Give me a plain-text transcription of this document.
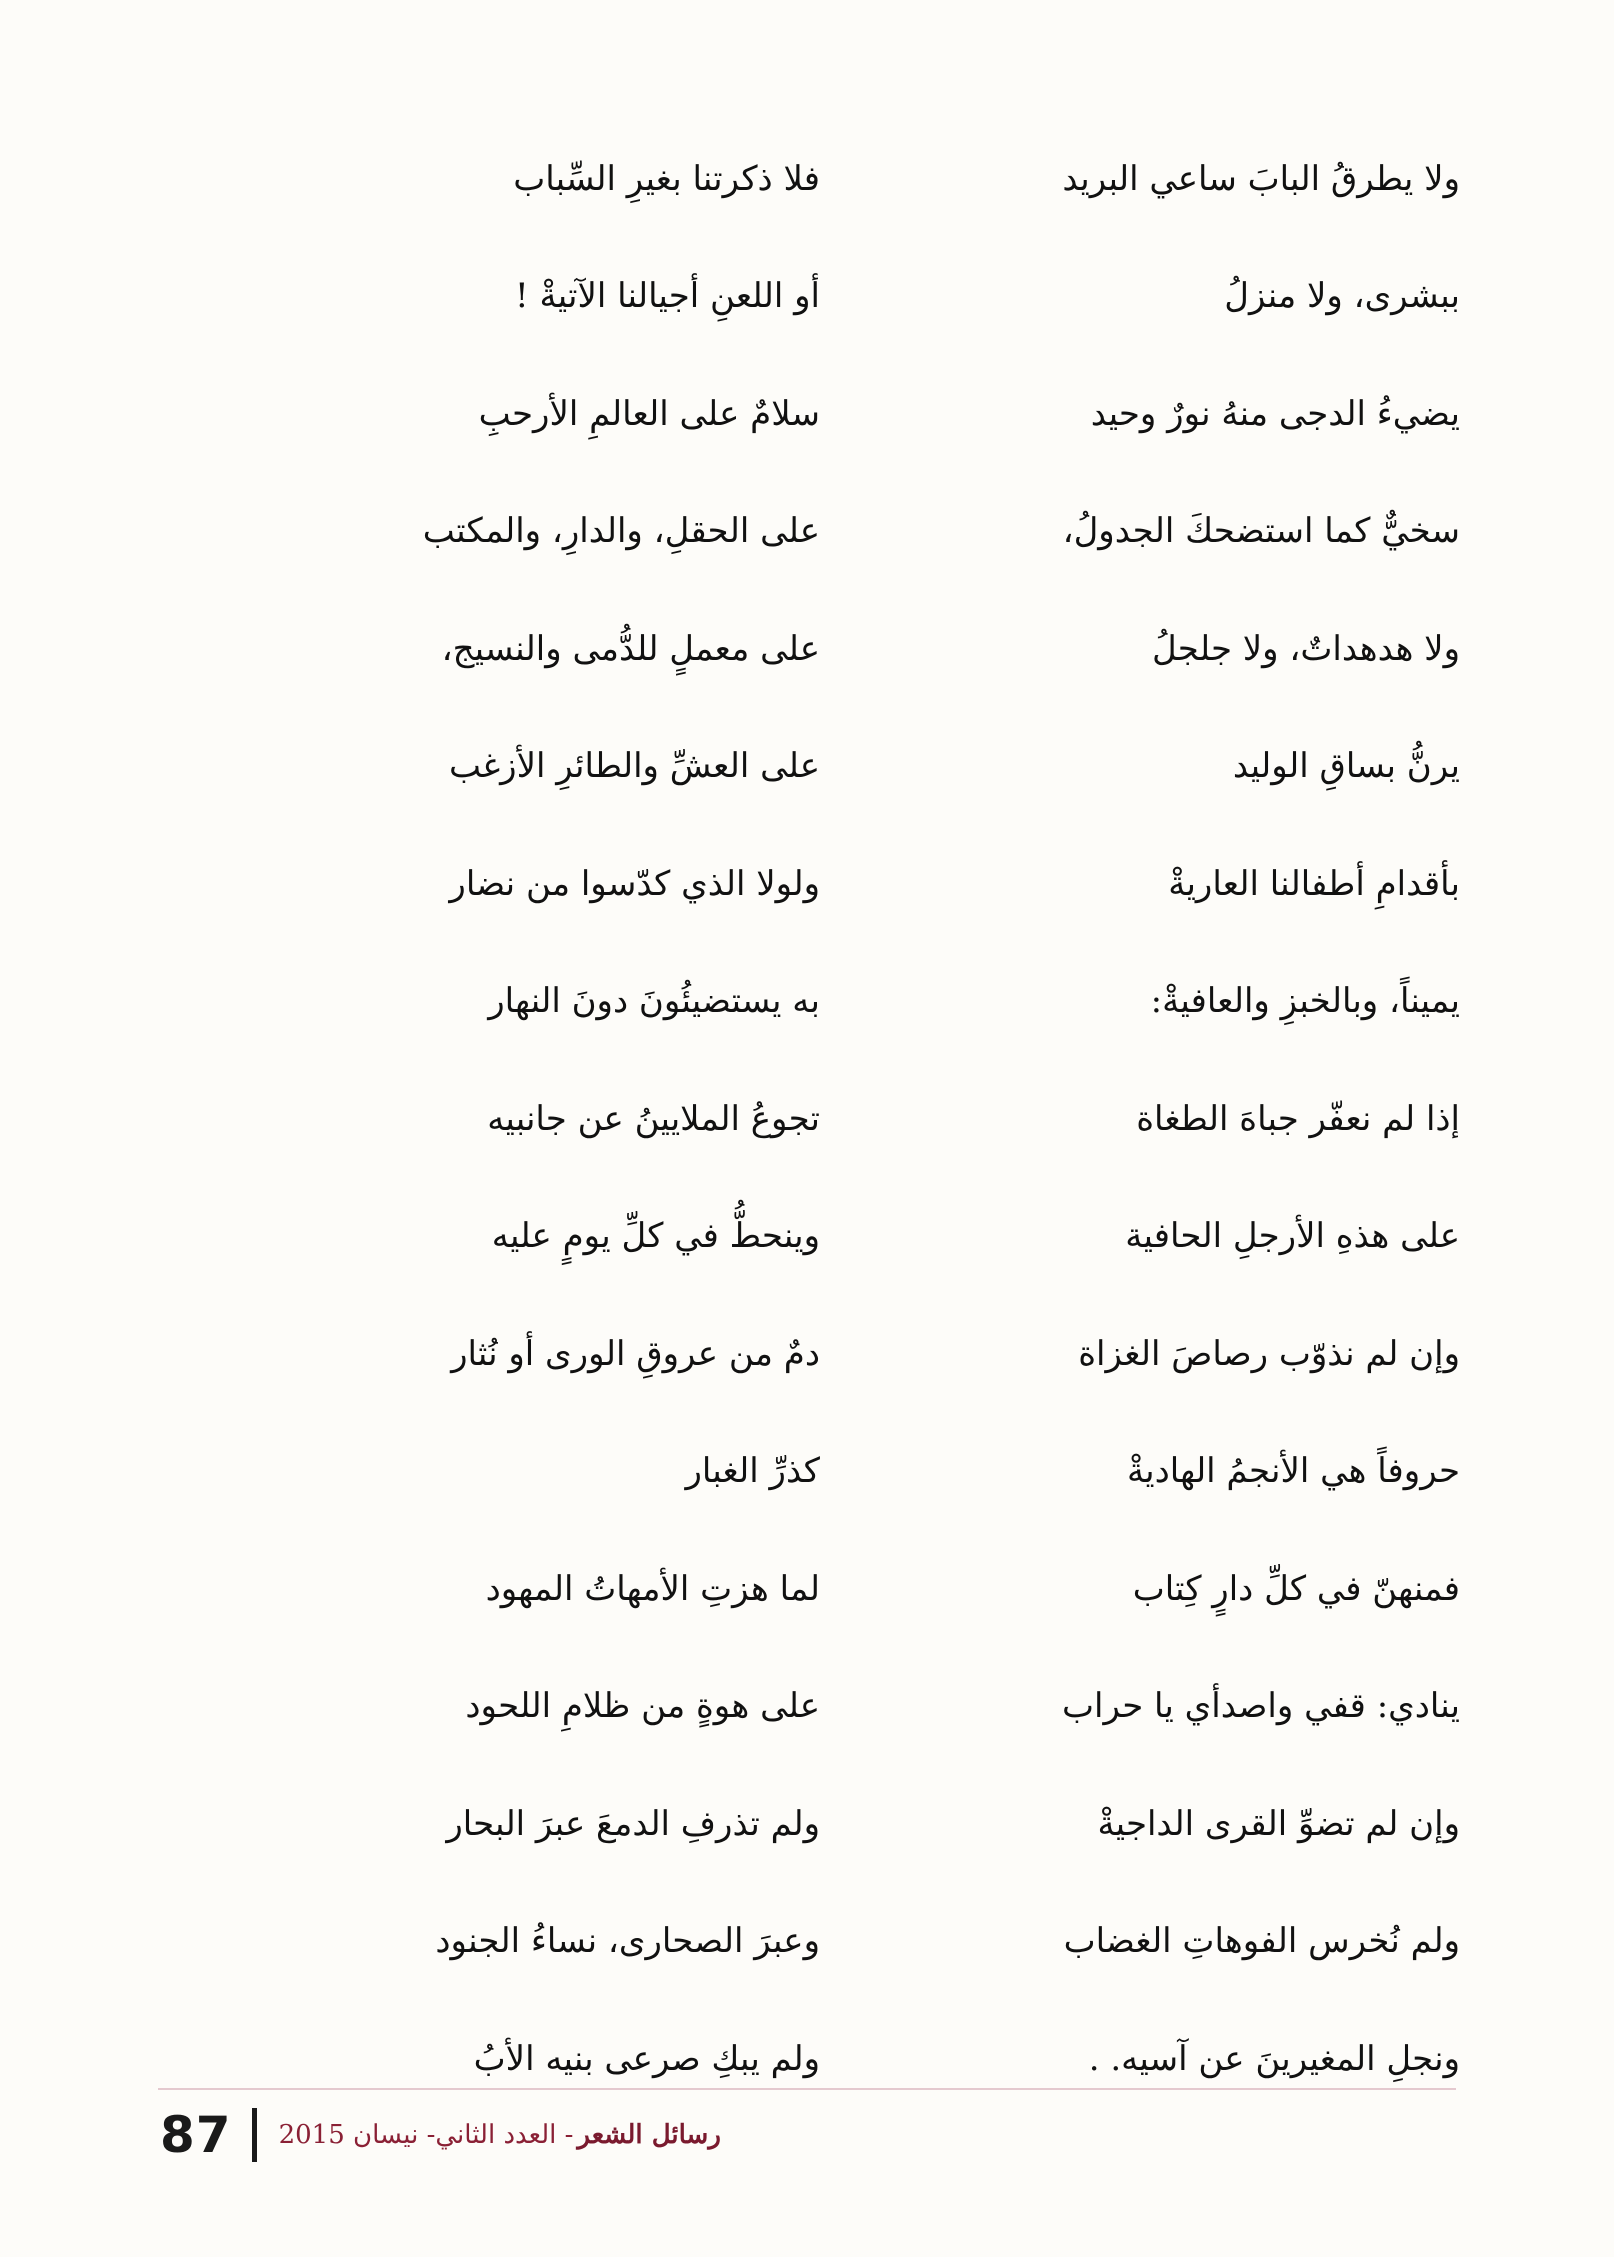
ولا يطرقُ البابَ ساعي البريد
فلا ذكرتنا بغيرِ السِّباب
ببشرى، ولا منزلُ
أو اللعنِ أجيالنا الآتيةْ !
يضيءُ الدجى منهُ نورٌ وحيد
سلامٌ على العالمِ الأرحبِ
سخيٌّ كما استضحكَ الجدولُ،
على الحقلِ، والدارِ، والمكتب
ولا هدهداتٌ، ولا جلجلُ
على معملٍ للدُّمى والنسيج،
يرنُّ بساقِ الوليد
على العشِّ والطائرِ الأزغب
بأقدامِ أطفالنا العاريةْ
ولولا الذي كدّسوا من نضار
يميناً، وبالخبزِ والعافيةْ:
به يستضيئُونَ دونَ النهار
إذا لم نعفّر جباهَ الطغاة
تجوعُ الملايينُ عن جانبيه
على هذهِ الأرجلِ الحافية
وينحطُّ في كلِّ يومٍ عليه
وإن لم نذوّب رصاصَ الغزاة
دمٌ من عروقِ الورى أو نُثار
حروفاً هي الأنجمُ الهاديةْ
كذرِّ الغبار
فمنهنّ في كلِّ دارٍ كِتاب
لما هزتِ الأمهاتُ المهود
ينادي: قفي واصدأي يا حراب
على هوةٍ من ظلامِ اللحود
وإن لم تضوِّ القرى الداجيةْ
ولم تذرفِ الدمعَ عبرَ البحار
ولم نُخرس الفوهاتِ الغضاب
وعبرَ الصحارى، نساءُ الجنود
ونجلِ المغيرينَ عن آسيه. .
ولم يبكِ صرعى بنيه الأبُ
87	رسائل الشعر
- العدد الثاني- نيسان 2015
